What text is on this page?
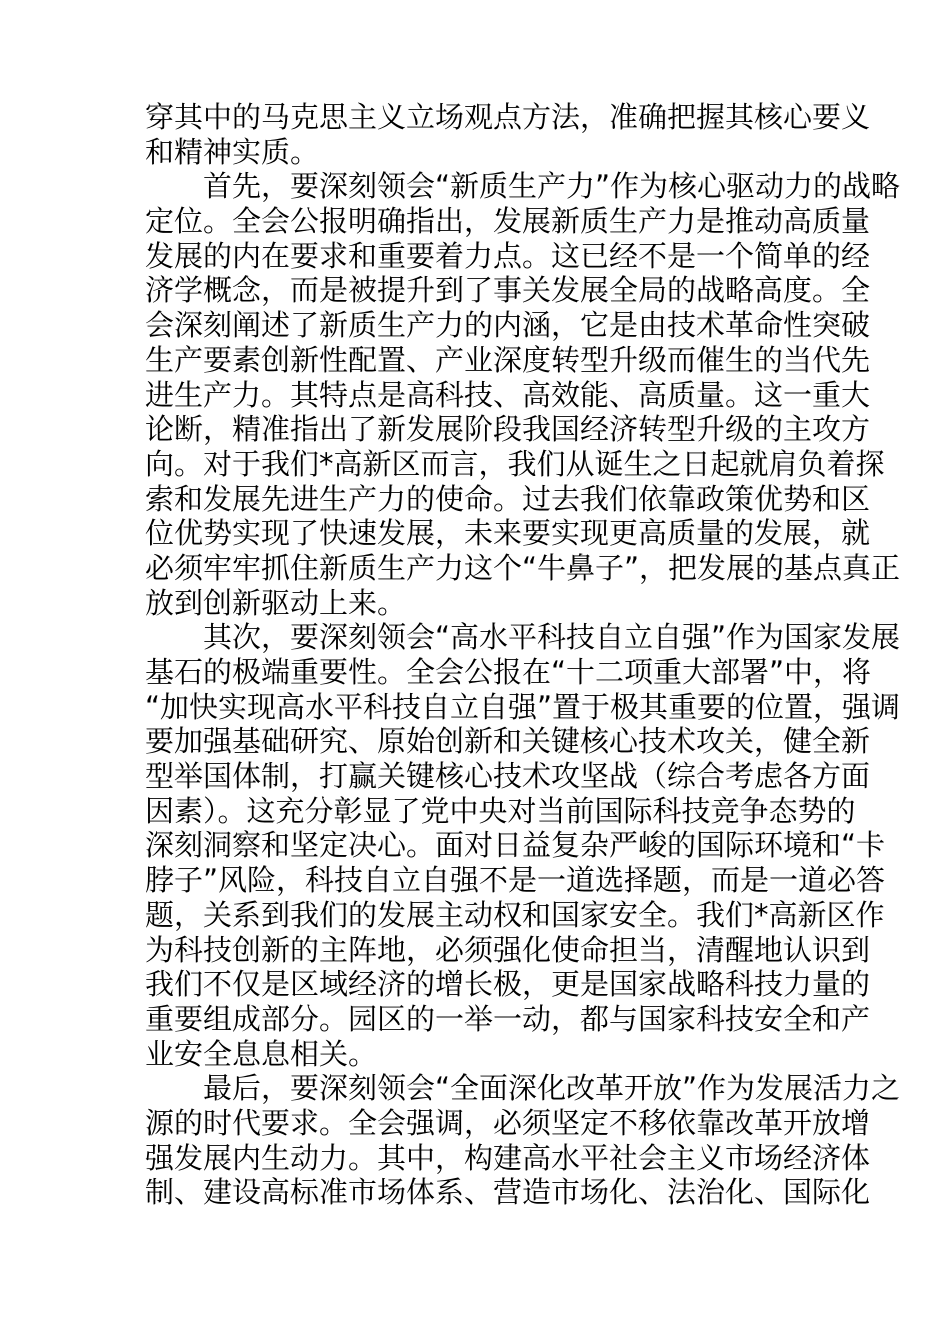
穿其中的马克思主义立场观点方法，准确把握其核心要义
和精神实质。
首先，要深刻领会“新质生产力”作为核心驱动力的战略
定位。全会公报明确指出，发展新质生产力是推动高质量
发展的内在要求和重要着力点。这已经不是一个简单的经
济学概念，而是被提升到了事关发展全局的战略高度。全
会深刻阐述了新质生产力的内涵，它是由技术革命性突破
生产要素创新性配置、产业深度转型升级而催生的当代先
进生产力。其特点是高科技、高效能、高质量。这一重大
论断，精准指出了新发展阶段我国经济转型升级的主攻方
向。对于我们*高新区而言，我们从诞生之日起就肩负着探
索和发展先进生产力的使命。过去我们依靠政策优势和区
位优势实现了快速发展，未来要实现更高质量的发展，就
必须牢牢抓住新质生产力这个“牛鼻子”，把发展的基点真正
放到创新驱动上来。
其次，要深刻领会“高水平科技自立自强”作为国家发展
基石的极端重要性。全会公报在“十二项重大部署”中，将
“加快实现高水平科技自立自强”置于极其重要的位置，强调
要加强基础研究、原始创新和关键核心技术攻关，健全新
型举国体制，打赢关键核心技术攻坚战（综合考虑各方面
因素）。这充分彰显了党中央对当前国际科技竞争态势的
深刻洞察和坚定决心。面对日益复杂严峻的国际环境和“卡
脖子”风险，科技自立自强不是一道选择题，而是一道必答
题，关系到我们的发展主动权和国家安全。我们*高新区作
为科技创新的主阵地，必须强化使命担当，清醒地认识到
我们不仅是区域经济的增长极，更是国家战略科技力量的
重要组成部分。园区的一举一动，都与国家科技安全和产
业安全息息相关。
最后，要深刻领会“全面深化改革开放”作为发展活力之
源的时代要求。全会强调，必须坚定不移依靠改革开放增
强发展内生动力。其中，构建高水平社会主义市场经济体
制、建设高标准市场体系、营造市场化、法治化、国际化
